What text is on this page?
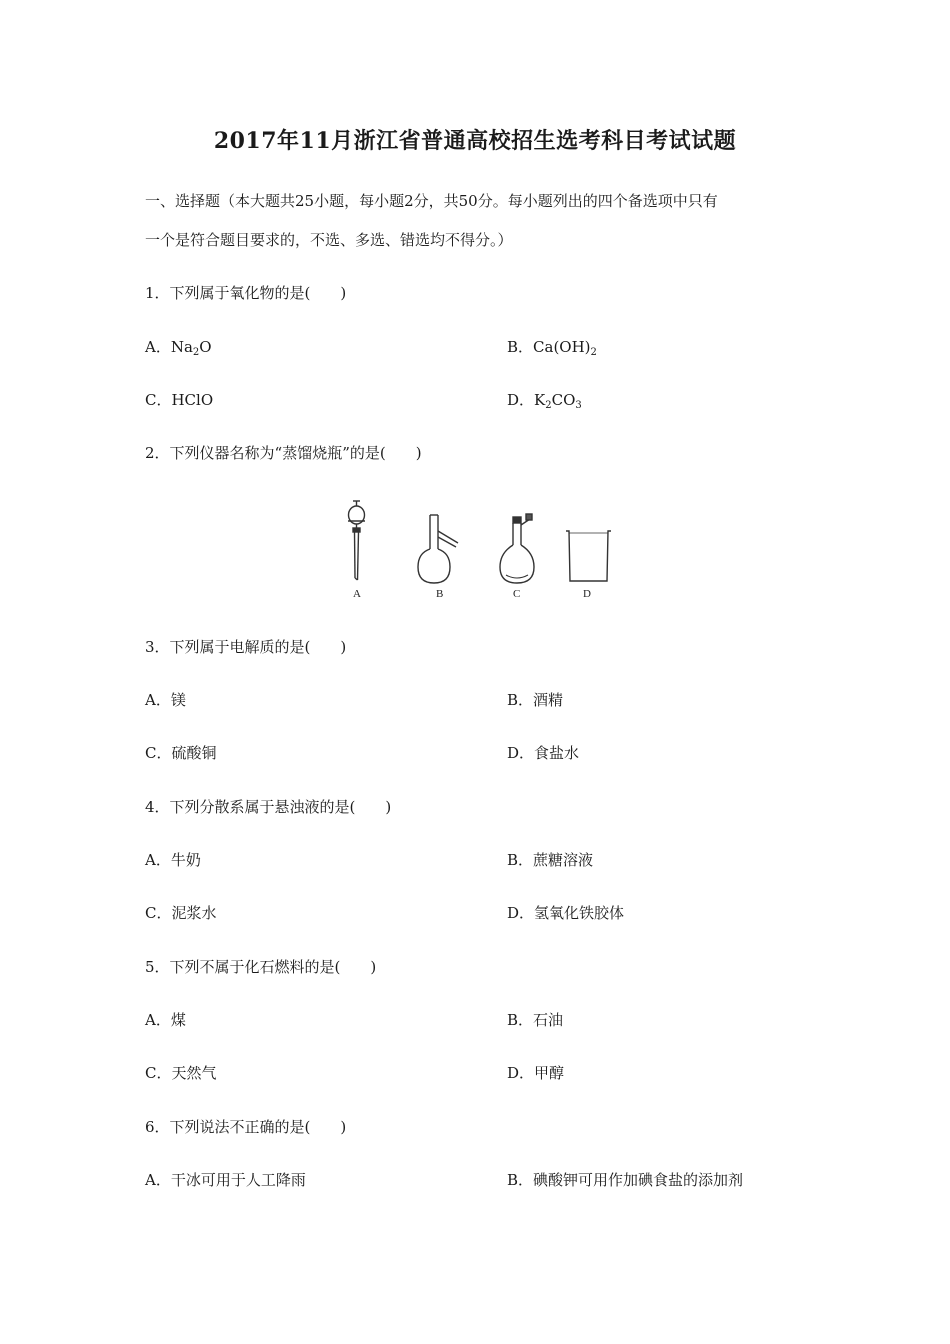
2017年11月浙江省普通高校招生选考科目考试试题
一、选择题（本大题共25小题，每小题2分，共50分。每小题列出的四个备选项中只有
一个是符合题目要求的，不选、多选、错选均不得分。）
1．下列属于氧化物的是(　　)
A．$Na_2O$	B．$Ca(OH)_2$
C．HClO	D．$K_2CO_3$
2．下列仪器名称为“蒸馏烧瓶”的是(　　)
A	B	C	D
3．下列属于电解质的是(　　)
A．镁	B．酒精
C．硫酸铜	D．食盐水
4．下列分散系属于悬浊液的是(　　)
A．牛奶	B．蔗糖溶液
C．泥浆水	D．氢氧化铁胶体
5．下列不属于化石燃料的是(　　)
A．煤	B．石油
C．天然气	D．甲醇
6．下列说法不正确的是(　　)
A．干冰可用于人工降雨	B．碘酸钾可用作加碘食盐的添加剂
